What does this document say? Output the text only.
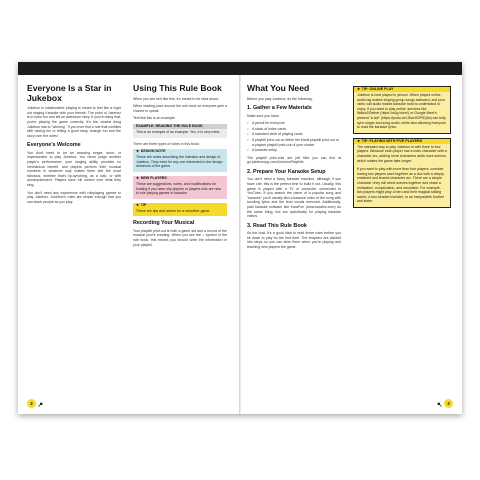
Everyone Is a Star in Jukebox

Jukebox is collaborative playing is meant to feel like a night out singing Karaoke with your friends. The point of Jukebox is to have fun and tell an awesome story. If you're doing that, you're playing the game correctly. It's the closest thing Jukebox has to "winning." If you ever find a rule that conflicts with having fun or telling a good story, change fun and the story over the rules!

Everyone's Welcome

You don't need to be an amazing singer, actor, or impersonator to play Jukebox. You never judge another player's performance; your singing ability provides no mechanical benefit, and players perform their musical numbers in whatever way makes them feel the most fabulous, whether that's lip-synching, as a solo, or with accompaniment. Players have full control over what they sing.

You don't need any experience with roleplaying games to play Jukebox. Jukebox's rules are simple enough that you can teach people as you play.

Using This Rule Book

When you see text like this, it's meant to be read aloud:

When reading pass around the rule book so everyone gets a chance to speak.

Text like this is an example:

EXAMPLE: READING THE RULE BOOK
This is an example of an example. Yes, it is very meta.

There are three types of notes in this book:

★ DESIGN NOTE
These are notes describing the intention and design of Jukebox. They exist for any one interested in the design decisions of the game.
★ NEW PLAYERS
These are suggestions, notes, and modifications for hosting if you have shy players or players who are new to role playing games or karaoke.
★ TIP
These are tips and advice for a smoother game.
Recording Your Musical

Your playbill print-out is both a game aid and a record of the musical you're creating. When you see the ♪ symbol in the rule book, this means you should write the information in your playbill.

2
What You Need

Before you play Jukebox, do the following:

1. Gather a Few Materials

Make sure you have:

♪ A pencil for everyone
♪ A stack of index cards
♪ A standard deck of playing cards
♪ A playbill print-out on either the blank playbill print-out or a playset playbill print-out of your choice
♪ A karaoke setup

The playbill print-outs are pdf files you can find at go.jukeboxrpg.com/JukeboxPlaybills.

2. Prepare Your Karaoke Setup

You don't need a fancy karaoke machine, although if you have one, this is the perfect time to build it out. Usually, this game is played with a TV or computer, connected to YouTube. If you search the name of a popular song and "karaoke" you'll usually find a karaoke video of the song with scrolling lyrics and the lead vocals removed. Additionally, paid karaoke software like KaraFun (www.karafun.com) do the same thing, but are specifically for playing karaoke videos.

3. Read This Rule Book

As the host, it's a good idea to read these rules before you sit down to play for the first time. The chapters are divided into steps so you can skim them when you're playing and teaching new players the game.

★ TIP: ONLINE PLAY
Jukebox is best played in person. When played online, audio lag makes singing group songs awkward, and poor video call audio makes karaoke hard to understand or enjoy. If you want to play online, services like Watch2Gether (https://w2g.tv/en/) or Google Meet's present "a tab" (https://youtu.be/JKavXDPSQfw) can help sync singer and song audio, while also allowing everyone to read the karaoke lyrics.
★ TIP: PLAYING WITH FIVE PLAYERS
The standard way to play Jukebox is with three to four players. Because each player has a main character with a character arc, adding more characters adds more scenes, which makes the game take longer.
If you want to play with more than four players, consider having two players work together as a duo with a deeply entwined and shared character arc. There are a simple character: they will direct scenes together and share a motivation, complication, and resolution. For example, two players might play a hero and their magical talking sword, a two-headed monster, or an inseparable brother and sister.
3
